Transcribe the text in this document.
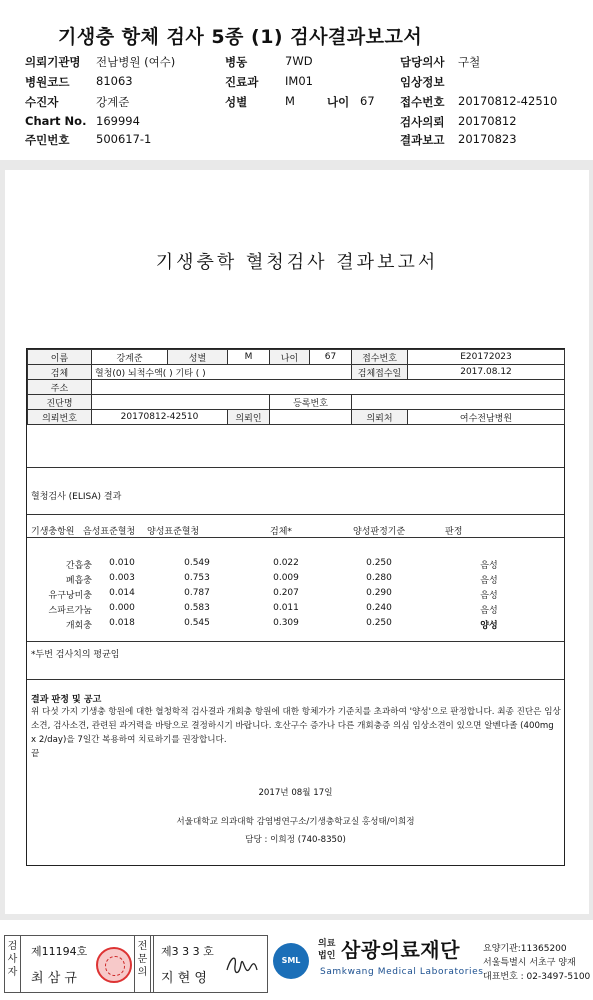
기생충 항체 검사 5종 (1) 검사결과보고서
의뢰기관명 전남병원 (여수)	병동	7WD	담당의사 구철
병원코드 81063	진료과 IM01	임상정보
수진자	강계준	성별	M	나이 67 접수번호 20170812-42510
Chart No. 169994	검사의뢰 20170812
주민번호 500617-1	결과보고 20170823
기생충학 혈청검사 결과보고서
이름	강계준	성별	M	나이	67	접수번호	E20172023
검체	혈청(0) 뇌척수액( ) 기타 ( )					검체접수일	2017.08.12
주소							
진단명				등록번호			
의뢰번호	20170812-42510		의뢰인			의뢰처	여수전남병원
혈청검사 (ELISA) 결과
기생충항원 음성표준혈청 양성표준혈청	검체*	양성판정기준	판정
간흡충	0.010	0.549	0.022	0.250	음성
폐흡충	0.003	0.753	0.009	0.280	음성
유구낭미충	0.014	0.787	0.207	0.290	음성
스파르가눔	0.000	0.583	0.011	0.240	음성
개회충	0.018	0.545	0.309	0.250	양성
*두번 검사치의 평균임
결과 판정 및 공고
위 다섯 가지 기생충 항원에 대한 혈청학적 검사결과 개회충 항원에 대한 항체가가 기준치를 초과하여 '양성'으로 판정합니다. 최종 진단은 임상소견, 검사소견, 관련된 과거력을 바탕으로 결정하시기 바랍니다. 호산구수 증가나 다른 개회충증 의심 임상소견이 있으면 알벤다졸 (400mg x 2/day)을 7일간 복용하여 치료하기를 권장합니다.
끝
2017년 08월 17일
서울대학교 의과대학 감염병연구소/기생충학교실 홍성태/이희정
담당 : 이희정 (740-8350)
검
사
자
제11194호
최 삼 규
전
문
의
제3 3 3 호
지 현 영
SML
의료
법인 삼광의료재단
Samkwang Medical Laboratories
요양기관:11365200
서울특별시 서초구 양재
대표번호 : 02-3497-5100
